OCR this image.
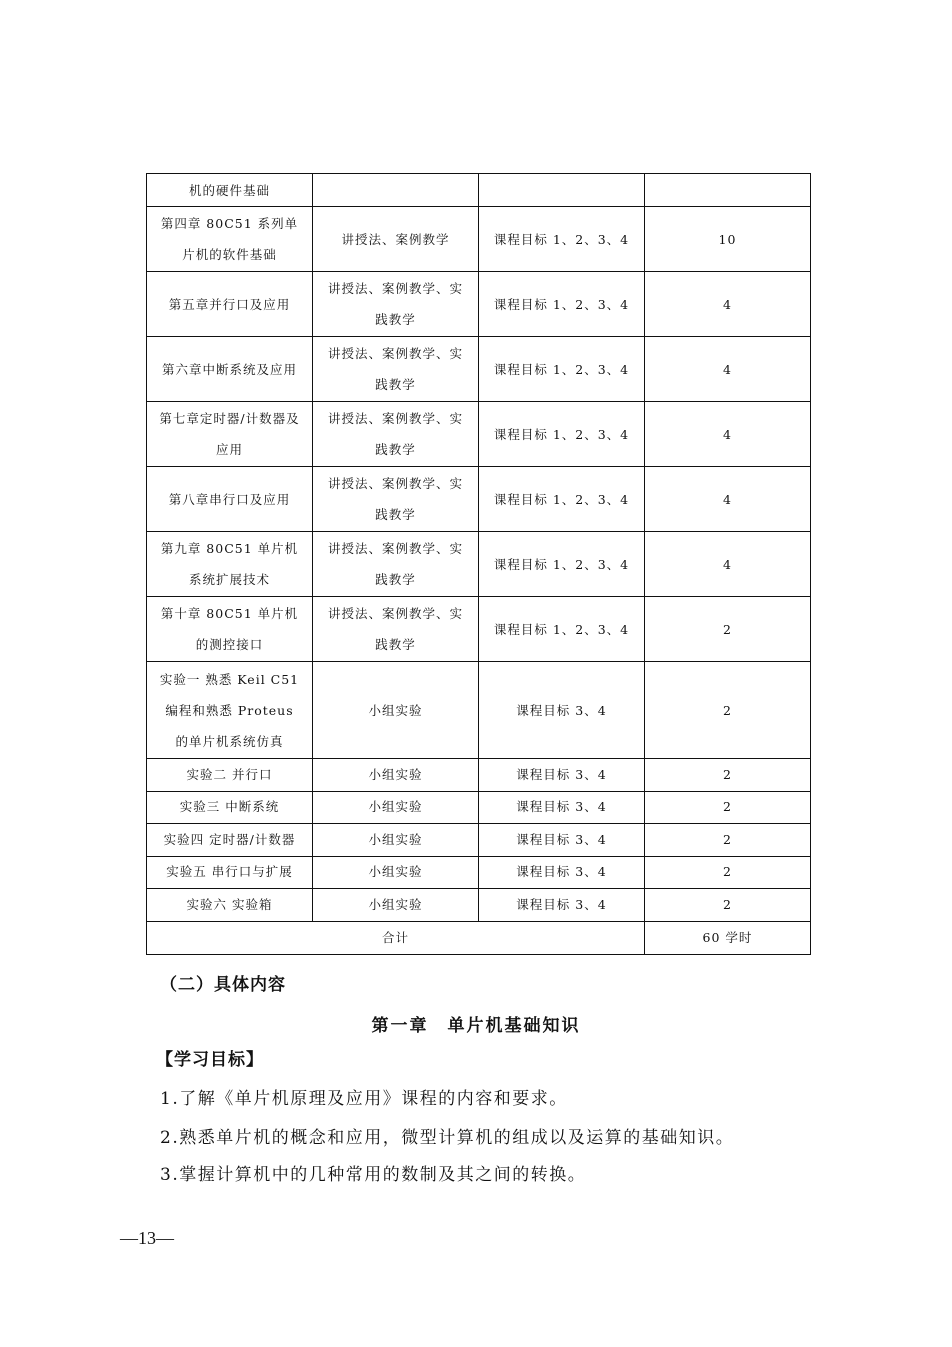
机的硬件基础			
第四章 80C51 系列单片机的软件基础	讲授法、案例教学	课程目标 1、2、3、4	10
第五章并行口及应用	讲授法、案例教学、实践教学	课程目标 1、2、3、4	4
第六章中断系统及应用	讲授法、案例教学、实践教学	课程目标 1、2、3、4	4
第七章定时器/计数器及应用	讲授法、案例教学、实践教学	课程目标 1、2、3、4	4
第八章串行口及应用	讲授法、案例教学、实践教学	课程目标 1、2、3、4	4
第九章 80C51 单片机系统扩展技术	讲授法、案例教学、实践教学	课程目标 1、2、3、4	4
第十章 80C51 单片机的测控接口	讲授法、案例教学、实践教学	课程目标 1、2、3、4	2
实验一 熟悉 Keil C51 编程和熟悉 Proteus 的单片机系统仿真	小组实验	课程目标 3、4	2
实验二 并行口	小组实验	课程目标 3、4	2
实验三 中断系统	小组实验	课程目标 3、4	2
实验四 定时器/计数器	小组实验	课程目标 3、4	2
实验五 串行口与扩展	小组实验	课程目标 3、4	2
实验六 实验箱	小组实验	课程目标 3、4	2
合计			60 学时
（二）具体内容
第一章　单片机基础知识
【学习目标】
1.了解《单片机原理及应用》课程的内容和要求。
2.熟悉单片机的概念和应用，微型计算机的组成以及运算的基础知识。
3.掌握计算机中的几种常用的数制及其之间的转换。
—13—
